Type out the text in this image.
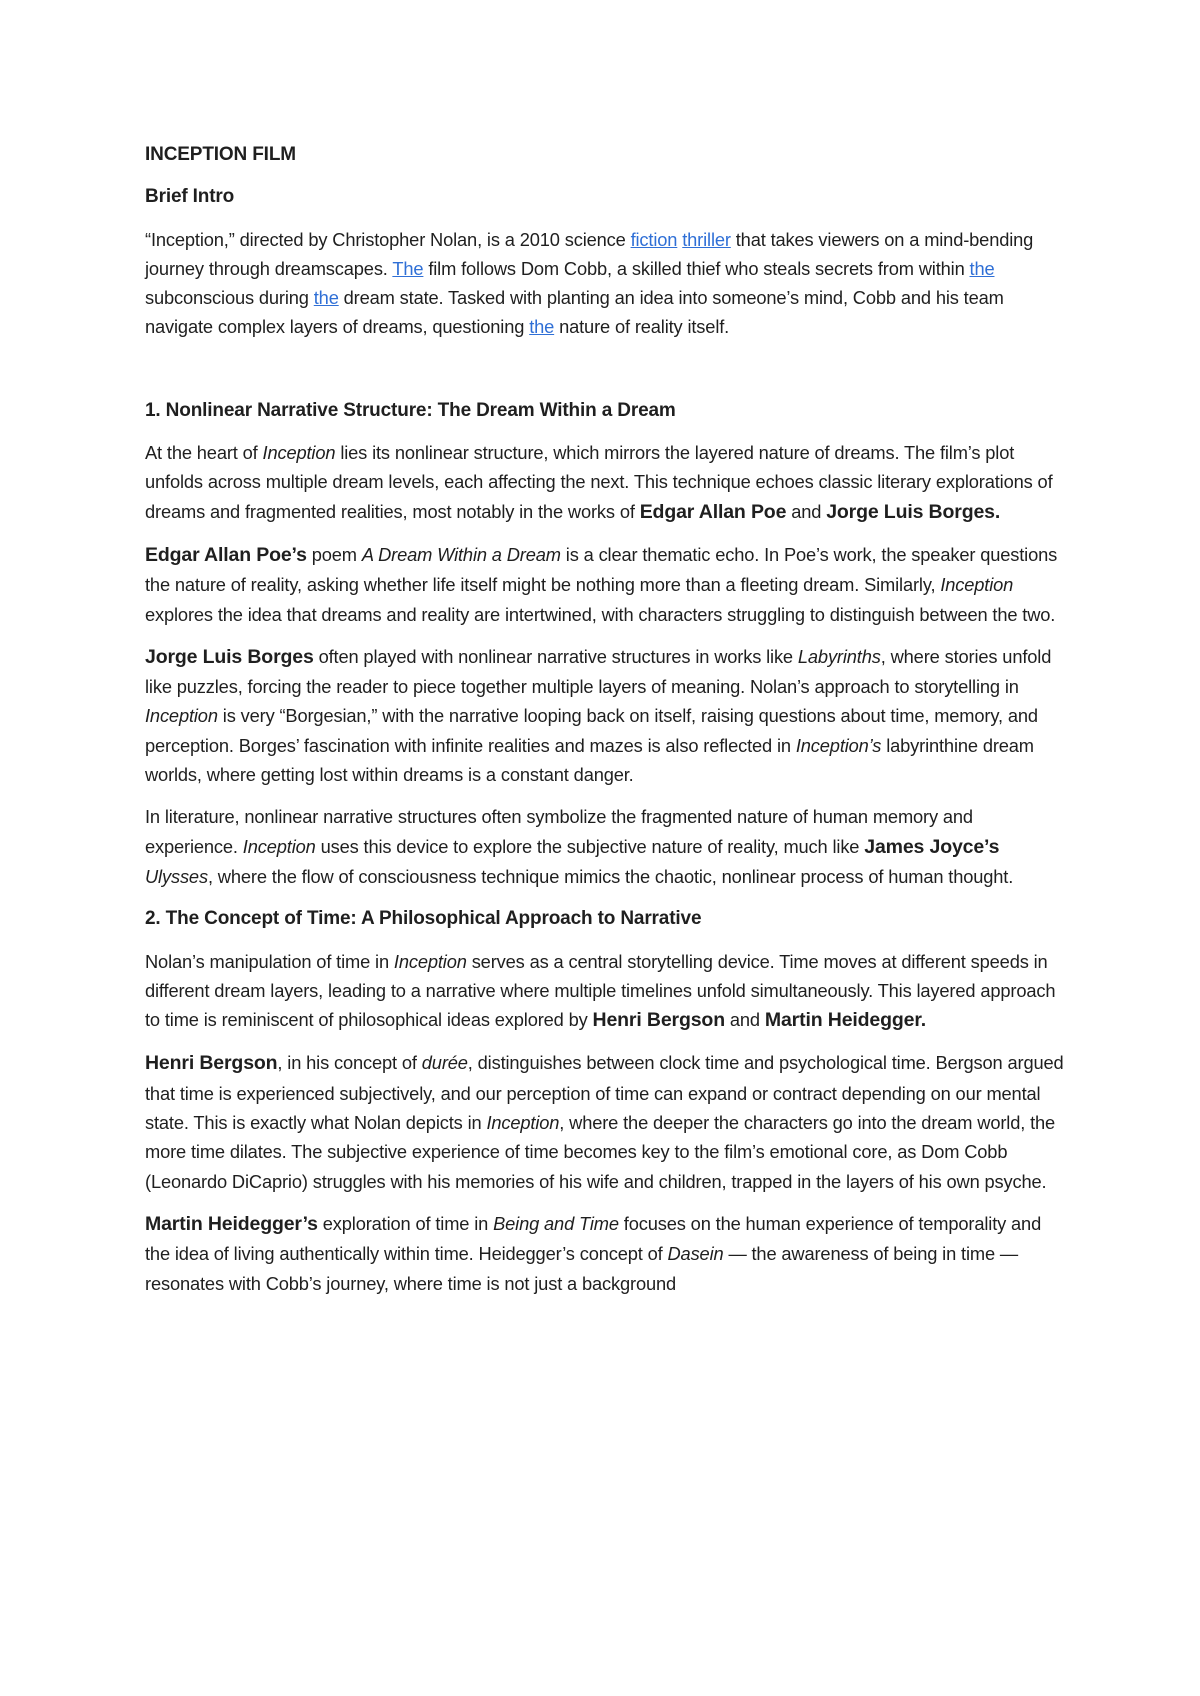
INCEPTION FILM
Brief Intro

“Inception,” directed by Christopher Nolan, is a 2010 science fiction thriller that takes viewers on a mind-bending journey through dreamscapes. The film follows Dom Cobb, a skilled thief who steals secrets from within the subconscious during the dream state. Tasked with planting an idea into someone’s mind, Cobb and his team navigate complex layers of dreams, questioning the nature of reality itself.

1. Nonlinear Narrative Structure: The Dream Within a Dream

At the heart of Inception lies its nonlinear structure, which mirrors the layered nature of dreams. The film’s plot unfolds across multiple dream levels, each affecting the next. This technique echoes classic literary explorations of dreams and fragmented realities, most notably in the works of Edgar Allan Poe and Jorge Luis Borges.

Edgar Allan Poe’s poem A Dream Within a Dream is a clear thematic echo. In Poe’s work, the speaker questions the nature of reality, asking whether life itself might be nothing more than a fleeting dream. Similarly, Inception explores the idea that dreams and reality are intertwined, with characters struggling to distinguish between the two.

Jorge Luis Borges often played with nonlinear narrative structures in works like Labyrinths, where stories unfold like puzzles, forcing the reader to piece together multiple layers of meaning. Nolan’s approach to storytelling in Inception is very “Borgesian,” with the narrative looping back on itself, raising questions about time, memory, and perception. Borges’ fascination with infinite realities and mazes is also reflected in Inception’s labyrinthine dream worlds, where getting lost within dreams is a constant danger.

In literature, nonlinear narrative structures often symbolize the fragmented nature of human memory and experience. Inception uses this device to explore the subjective nature of reality, much like James Joyce’s Ulysses, where the flow of consciousness technique mimics the chaotic, nonlinear process of human thought.

2. The Concept of Time: A Philosophical Approach to Narrative

Nolan’s manipulation of time in Inception serves as a central storytelling device. Time moves at different speeds in different dream layers, leading to a narrative where multiple timelines unfold simultaneously. This layered approach to time is reminiscent of philosophical ideas explored by Henri Bergson and Martin Heidegger.

Henri Bergson, in his concept of durée, distinguishes between clock time and psychological time. Bergson argued that time is experienced subjectively, and our perception of time can expand or contract depending on our mental state. This is exactly what Nolan depicts in Inception, where the deeper the characters go into the dream world, the more time dilates. The subjective experience of time becomes key to the film’s emotional core, as Dom Cobb (Leonardo DiCaprio) struggles with his memories of his wife and children, trapped in the layers of his own psyche.

Martin Heidegger’s exploration of time in Being and Time focuses on the human experience of temporality and the idea of living authentically within time. Heidegger’s concept of Dasein — the awareness of being in time — resonates with Cobb’s journey, where time is not just a background
